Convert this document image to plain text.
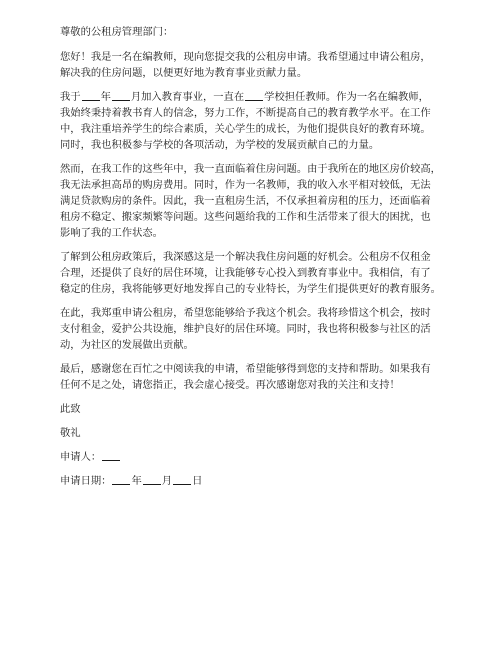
尊敬的公租房管理部门：
您好！我是一名在编教师，现向您提交我的公租房申请。我希望通过申请公租房，
解决我的住房问题，以便更好地为教育事业贡献力量。
我于 年 月加入教育事业，一直在 学校担任教师。作为一名在编教师，
我始终秉持着教书育人的信念，努力工作，不断提高自己的教育教学水平。在工作
中，我注重培养学生的综合素质，关心学生的成长，为他们提供良好的教育环境。
同时，我也积极参与学校的各项活动，为学校的发展贡献自己的力量。
然而，在我工作的这些年中，我一直面临着住房问题。由于我所在的地区房价较高，
我无法承担高昂的购房费用。同时，作为一名教师，我的收入水平相对较低，无法
满足贷款购房的条件。因此，我一直租房生活，不仅承担着房租的压力，还面临着
租房不稳定、搬家频繁等问题。这些问题给我的工作和生活带来了很大的困扰，也
影响了我的工作状态。
了解到公租房政策后，我深感这是一个解决我住房问题的好机会。公租房不仅租金
合理，还提供了良好的居住环境，让我能够专心投入到教育事业中。我相信，有了
稳定的住房，我将能够更好地发挥自己的专业特长，为学生们提供更好的教育服务。
在此，我郑重申请公租房，希望您能够给予我这个机会。我将珍惜这个机会，按时
支付租金，爱护公共设施，维护良好的居住环境。同时，我也将积极参与社区的活
动，为社区的发展做出贡献。
最后，感谢您在百忙之中阅读我的申请，希望能够得到您的支持和帮助。如果我有
任何不足之处，请您指正，我会虚心接受。再次感谢您对我的关注和支持！
此致
敬礼
申请人：
申请日期： 年 月 日
